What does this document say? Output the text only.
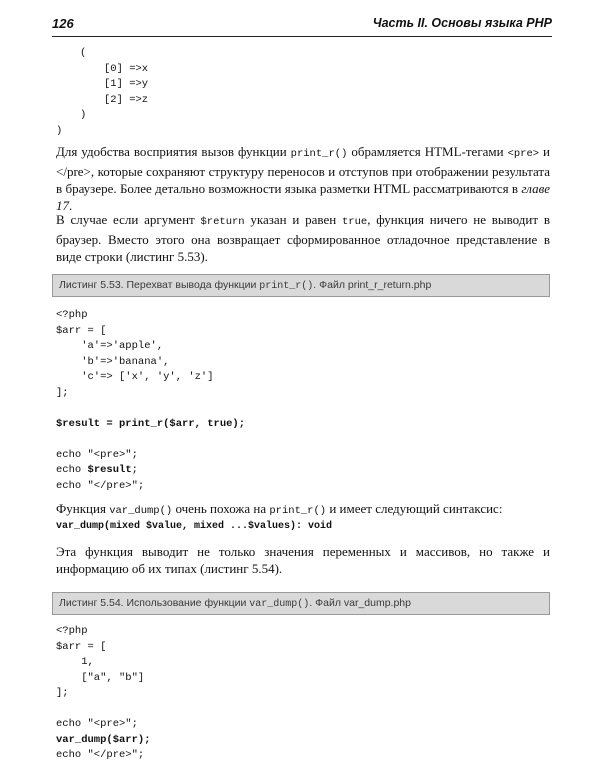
126	Часть II. Основы языка PHP
(
[0] =>x
[1] =>y
[2] =>z
)
)

Для удобства восприятия вызов функции print_r() обрамляется HTML-тегами <pre> и </pre>, которые сохраняют структуру переносов и отступов при отображении результата в браузере. Более детально возможности языка разметки HTML рассматриваются в главе 17.

В случае если аргумент $return указан и равен true, функция ничего не выводит в браузер. Вместо этого она возвращает сформированное отладочное представление в виде строки (листинг 5.53).

Листинг 5.53. Перехват вывода функции print_r(). Файл print_r_return.php
<?php
$arr = [
'a'=>'apple',
'b'=>'banana',
'c'=> ['x', 'y', 'z']
];

$result = print_r($arr, true);

echo "<pre>";
echo $result;
echo "</pre>";

Функция var_dump() очень похожа на print_r() и имеет следующий синтаксис:

var_dump(mixed $value, mixed ...$values): void

Эта функция выводит не только значения переменных и массивов, но также и информацию об их типах (листинг 5.54).

Листинг 5.54. Использование функции var_dump(). Файл var_dump.php
<?php
$arr = [
1,
["a", "b"]
];

echo "<pre>";
var_dump($arr);
echo "</pre>";
